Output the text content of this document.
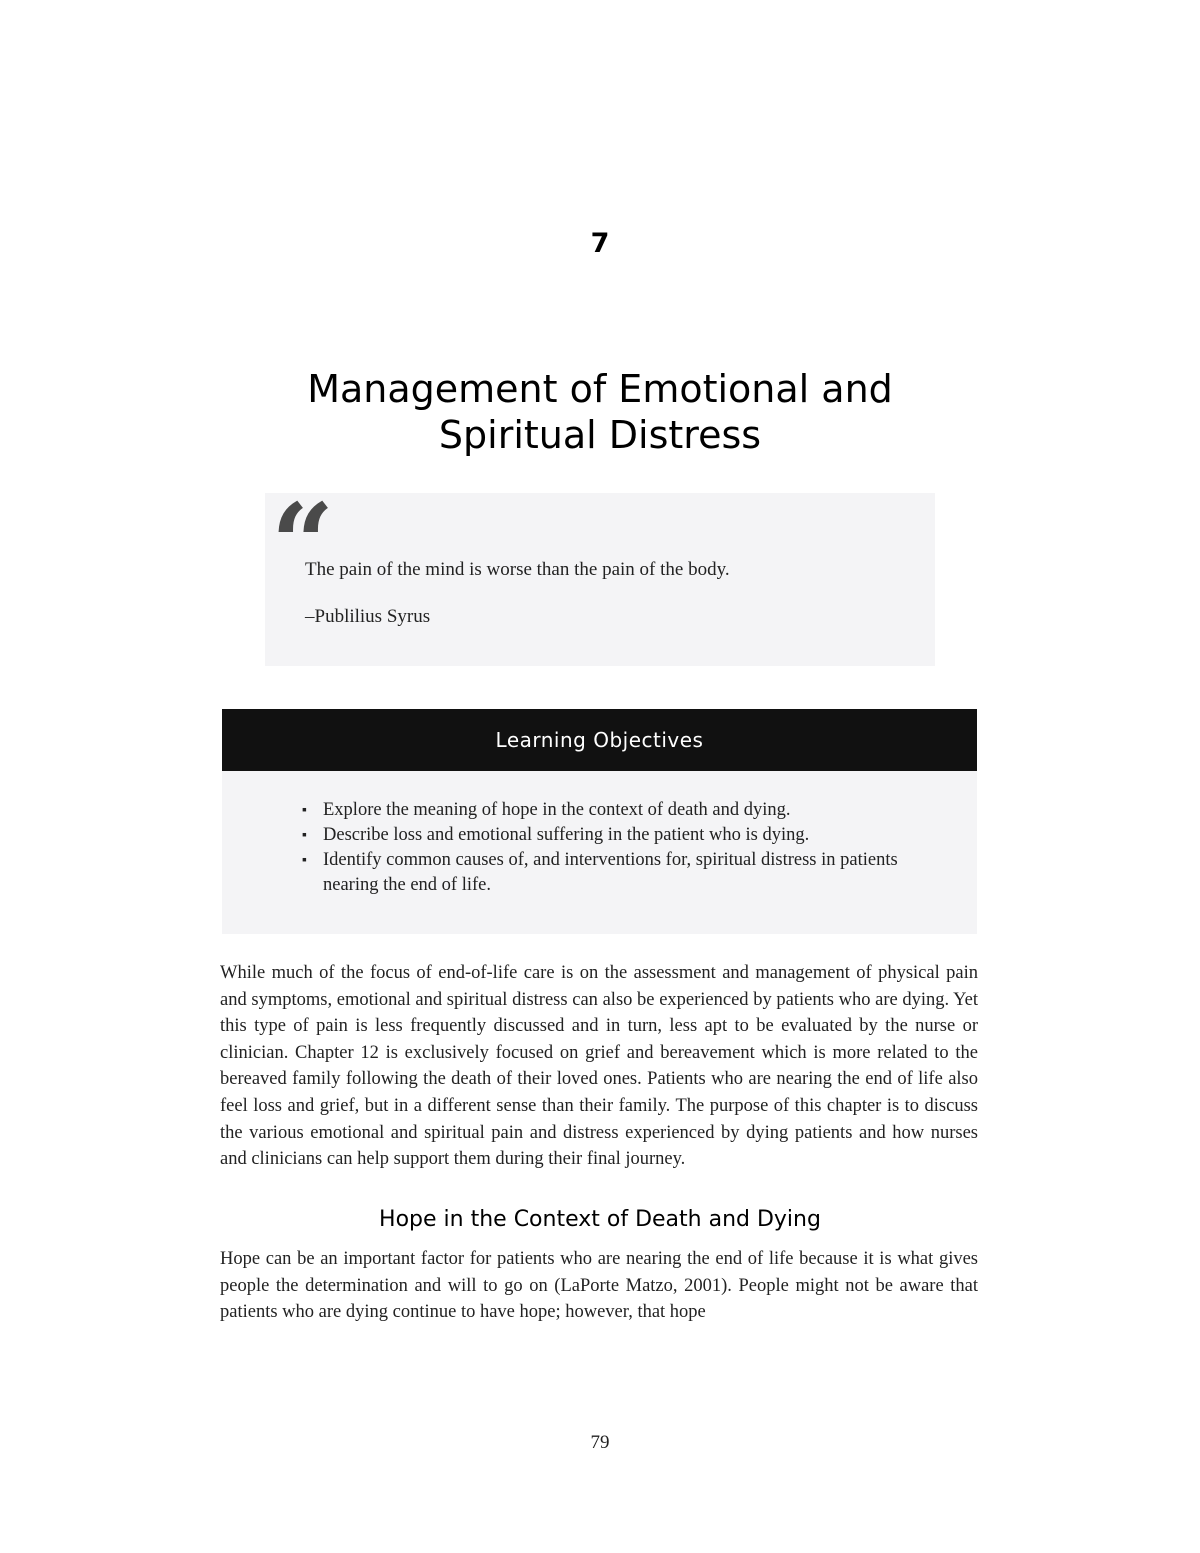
7
Management of Emotional and
Spiritual Distress
“
The pain of the mind is worse than the pain of the body.
–Publilius Syrus
Learning Objectives
▪ Explore the meaning of hope in the context of death and dying.
▪ Describe loss and emotional suffering in the patient who is dying.
▪ Identify common causes of, and interventions for, spiritual distress in patients nearing the end of life.

While much of the focus of end-of-life care is on the assessment and management of physical pain and symptoms, emotional and spiritual distress can also be experienced by patients who are dying. Yet this type of pain is less frequently discussed and in turn, less apt to be evaluated by the nurse or clinician. Chapter 12 is exclusively focused on grief and bereavement which is more related to the bereaved family following the death of their loved ones. Patients who are nearing the end of life also feel loss and grief, but in a different sense than their family. The purpose of this chapter is to discuss the various emotional and spiritual pain and distress experienced by dying patients and how nurses and clinicians can help support them during their final journey.

Hope in the Context of Death and Dying

Hope can be an important factor for patients who are nearing the end of life because it is what gives people the determination and will to go on (LaPorte Matzo, 2001). People might not be aware that patients who are dying continue to have hope; however, that hope

79
